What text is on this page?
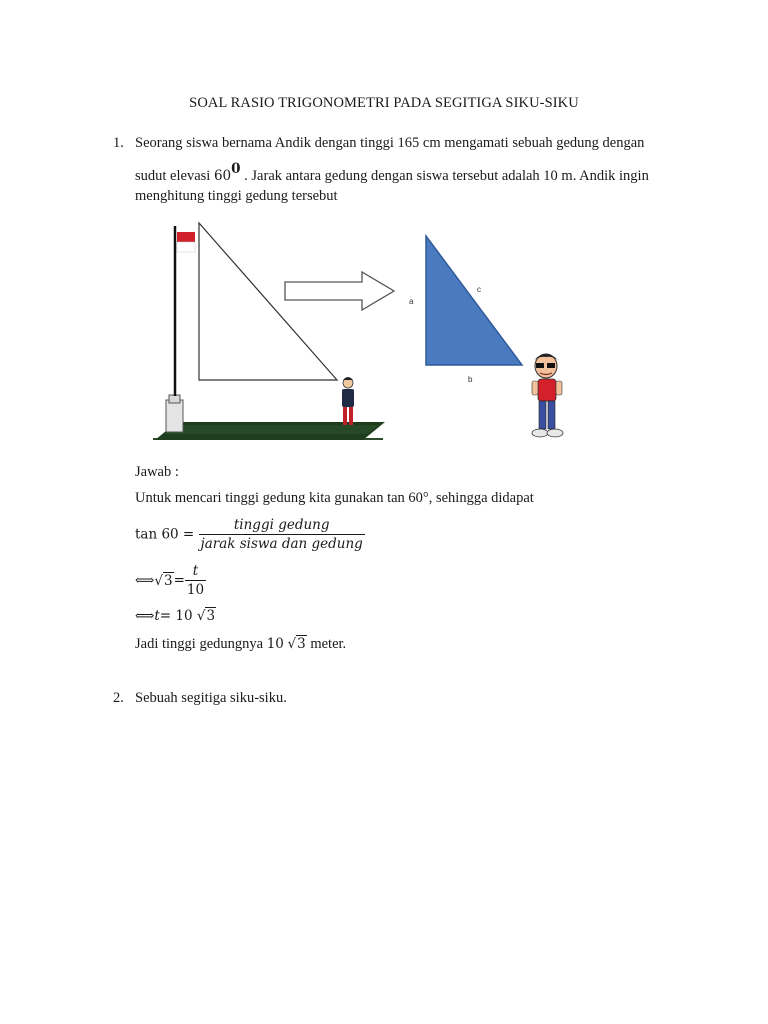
SOAL RASIO TRIGONOMETRI PADA SEGITIGA SIKU-SIKU
1. Seorang siswa bernama Andik dengan tinggi 165 cm mengamati sebuah gedung dengan
sudut elevasi 600 . Jarak antara gedung dengan siswa tersebut adalah 10 m. Andik ingin
menghitung tinggi gedung tersebut
a
c
b
Jawab :
Untuk mencari tinggi gedung kita gunakan tan 60°, sehingga didapat
$\tan 60 = \frac{\text{tinggi gedung}}{\text{jarak siswa dan gedung}}$
⟺√3= $\frac{t}{10}$
⟺t= 10 √3
Jadi tinggi gedungnya 10 √3 meter.
2. Sebuah segitiga siku-siku.
